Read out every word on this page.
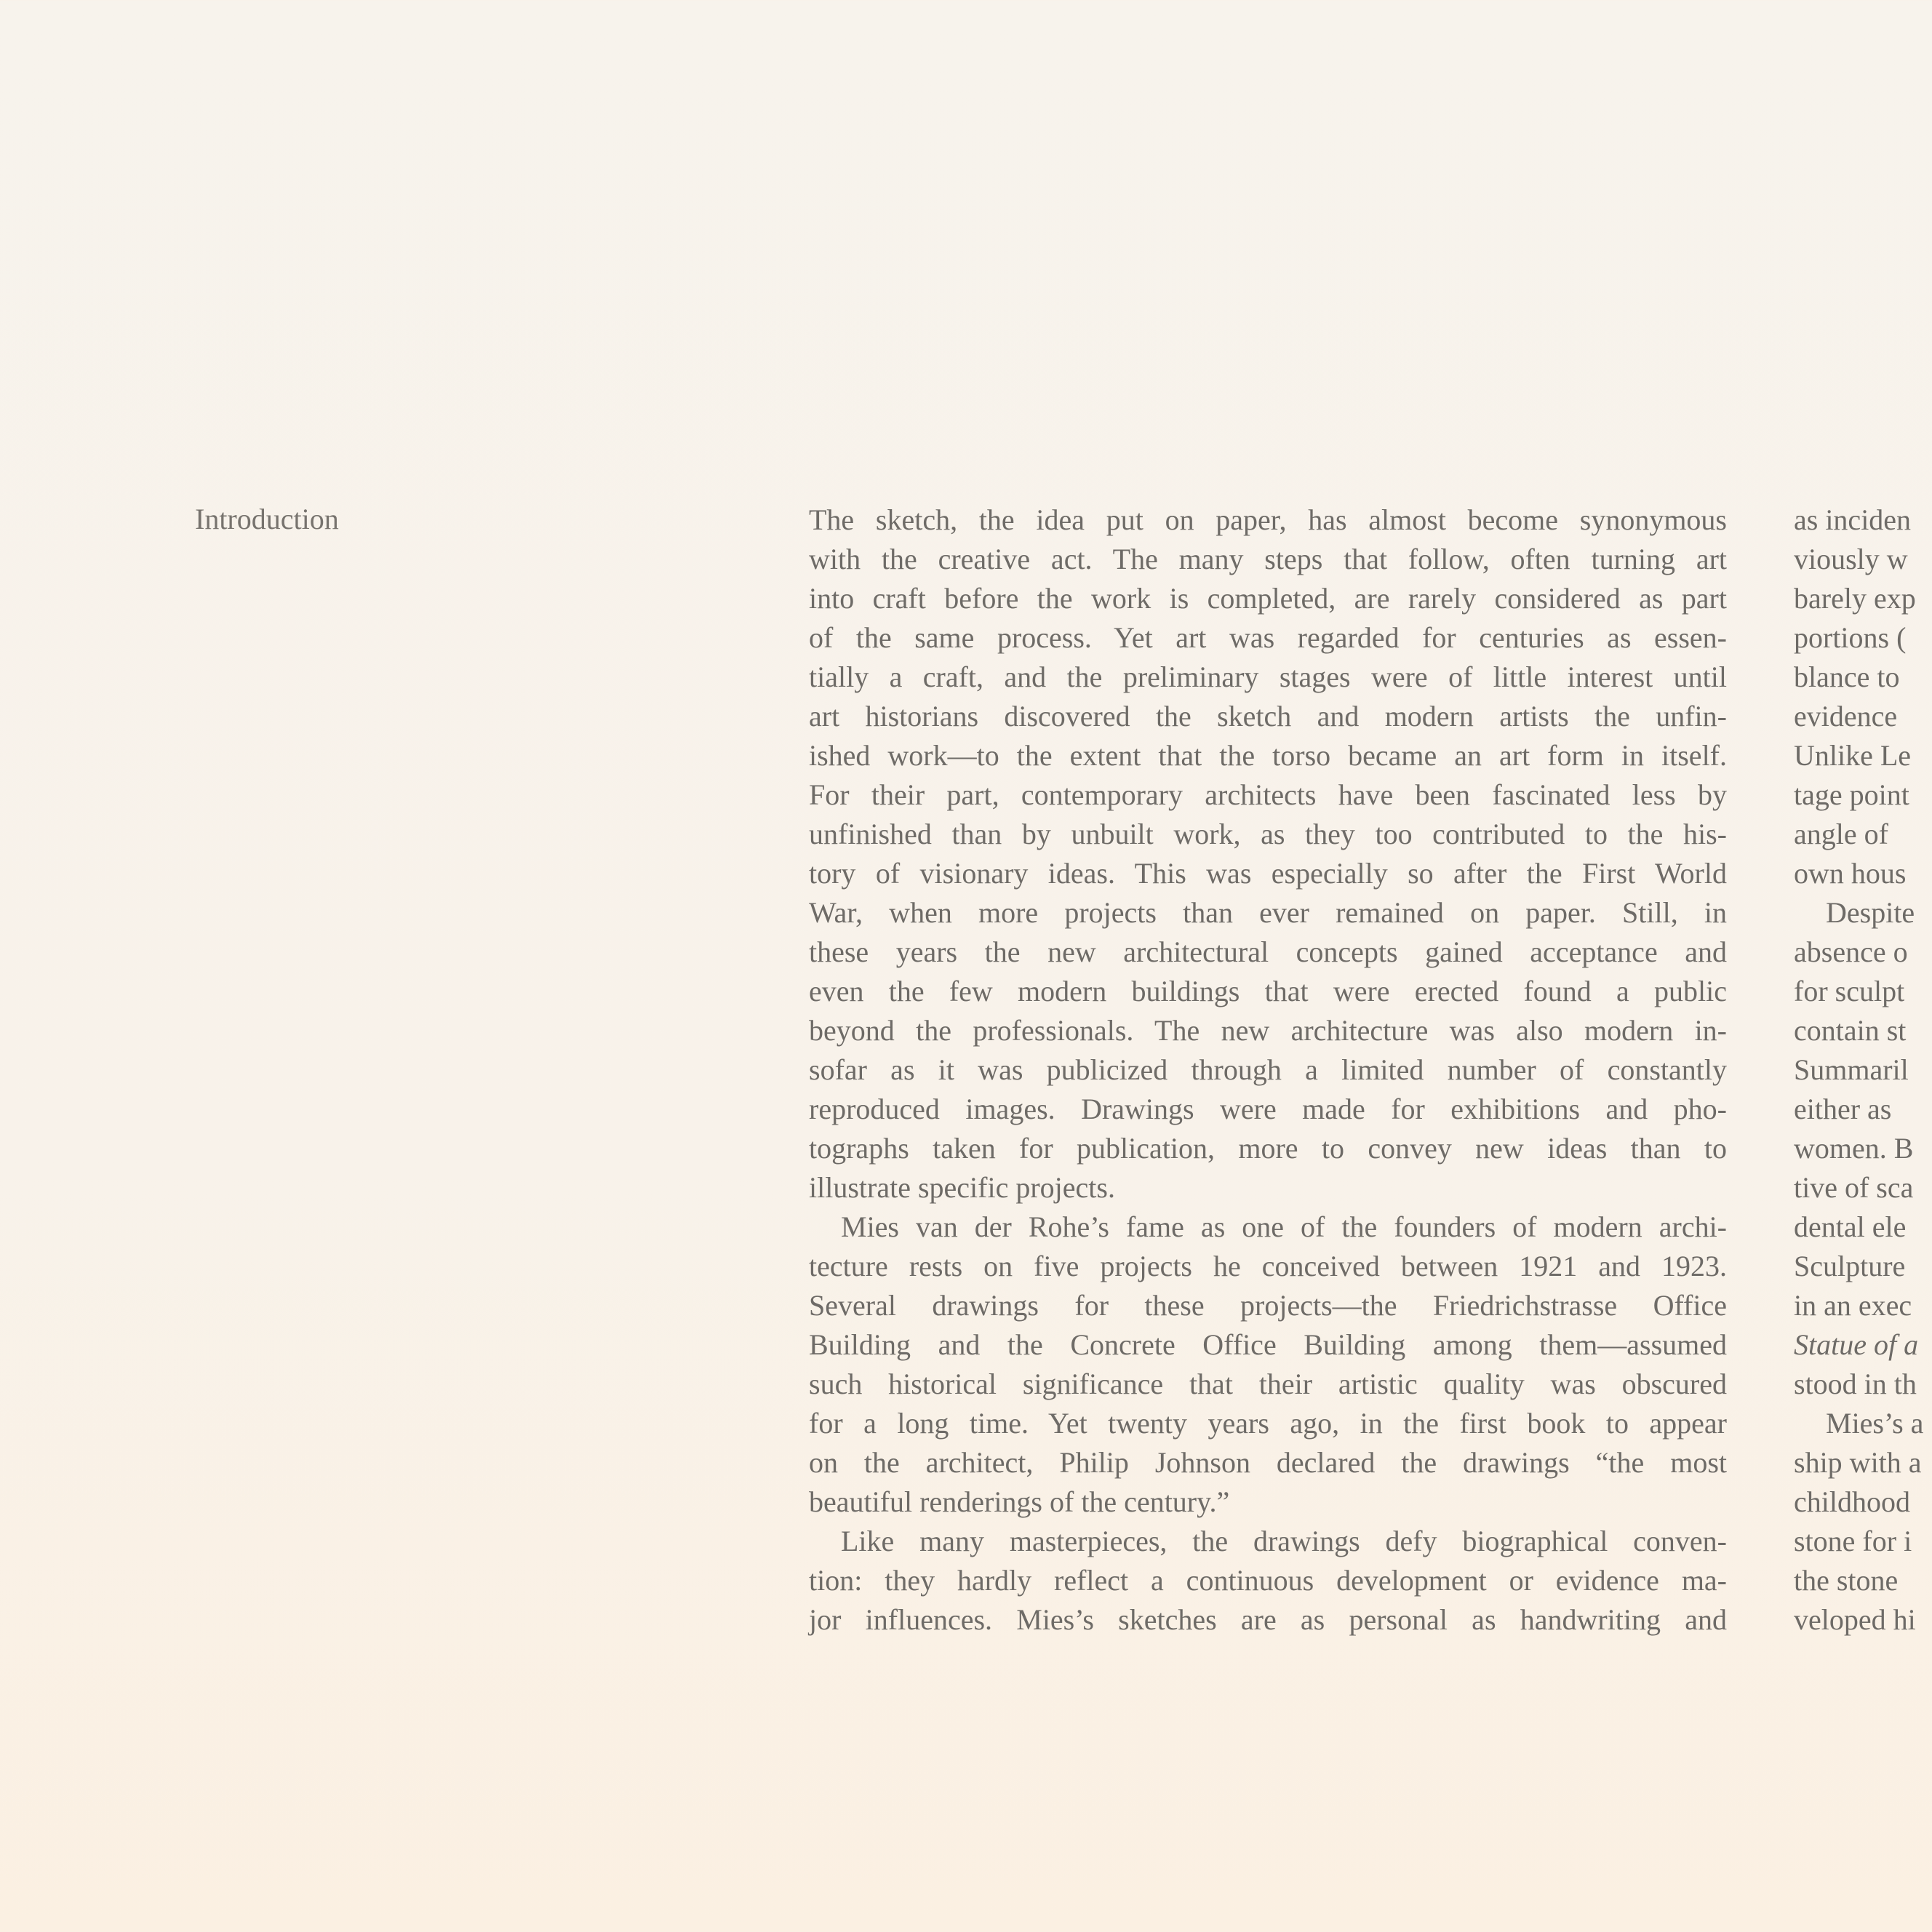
Introduction	The sketch, the idea put on paper, has almost become synonymous
with the creative act. The many steps that follow, often turning art
into craft before the work is completed, are rarely considered as part
of the same process. Yet art was regarded for centuries as essen-
tially a craft, and the preliminary stages were of little interest until
art historians discovered the sketch and modern artists the unfin-
ished work—to the extent that the torso became an art form in itself.
For their part, contemporary architects have been fascinated less by
unfinished than by unbuilt work, as they too contributed to the his-
tory of visionary ideas. This was especially so after the First World
War, when more projects than ever remained on paper. Still, in
these years the new architectural concepts gained acceptance and
even the few modern buildings that were erected found a public
beyond the professionals. The new architecture was also modern in-
sofar as it was publicized through a limited number of constantly
reproduced images. Drawings were made for exhibitions and pho-
tographs taken for publication, more to convey new ideas than to
illustrate specific projects.
Mies van der Rohe’s fame as one of the founders of modern archi-
tecture rests on five projects he conceived between 1921 and 1923.
Several drawings for these projects—the Friedrichstrasse Office
Building and the Concrete Office Building among them—assumed
such historical significance that their artistic quality was obscured
for a long time. Yet twenty years ago, in the first book to appear
on the architect, Philip Johnson declared the drawings “the most
beautiful renderings of the century.”
Like many masterpieces, the drawings defy biographical conven-
tion: they hardly reflect a continuous development or evidence ma-
jor influences. Mies’s sketches are as personal as handwriting and
as inciden
viously w
barely exp
portions (
blance to
evidence
Unlike Le
tage point
angle of
own hous
Despite
absence o
for sculpt
contain st
Summaril
either as
women. B
tive of sca
dental ele
Sculpture
in an exec
Statue of a
stood in th
Mies’s a
ship with a
childhood
stone for i
the stone
veloped hi
